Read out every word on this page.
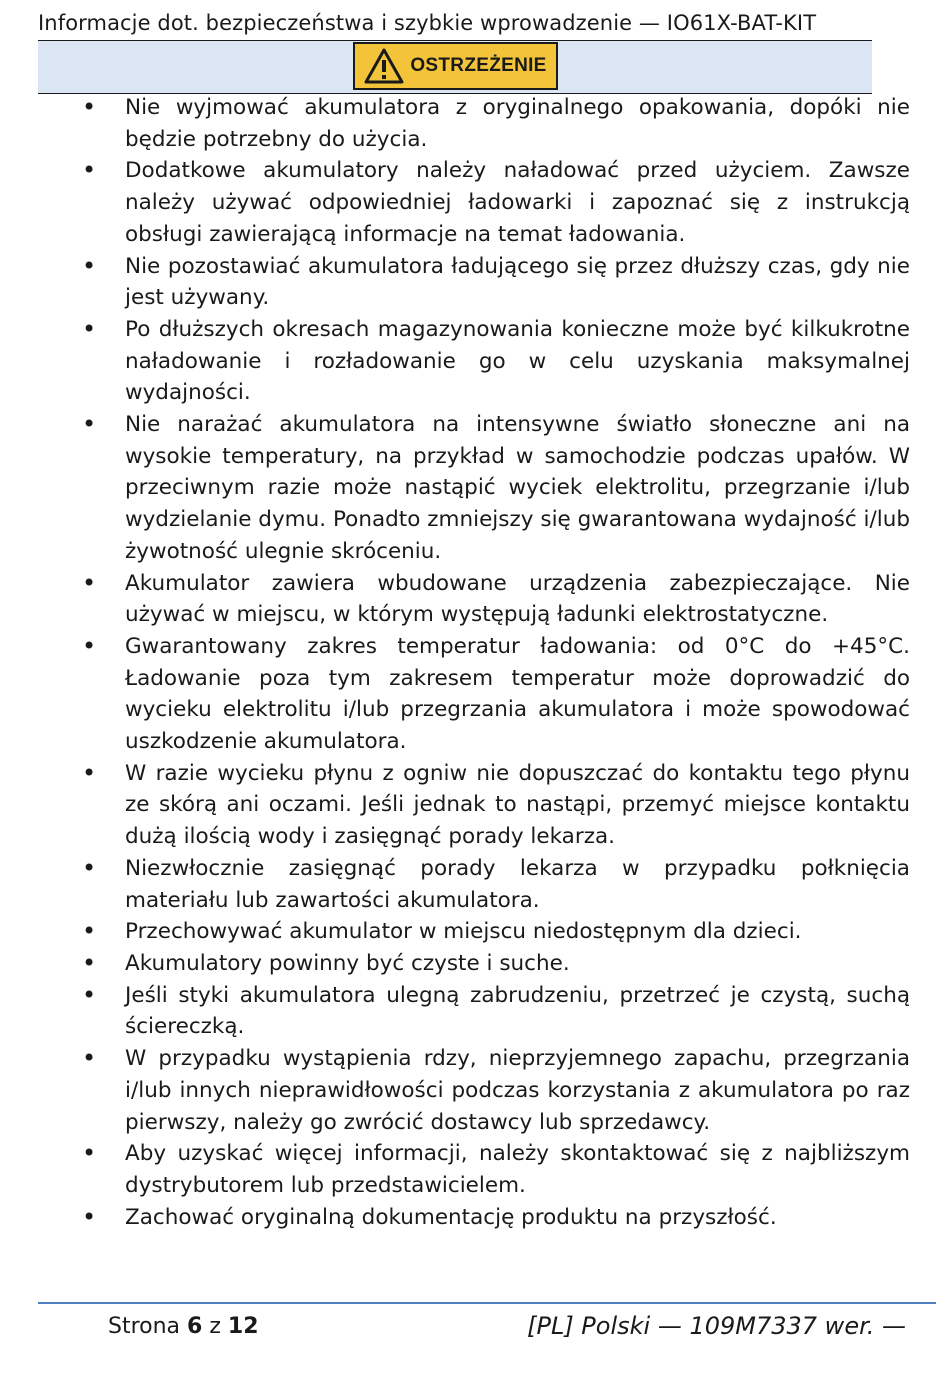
Informacje dot. bezpieczeństwa i szybkie wprowadzenie — IO61X-BAT-KIT
OSTRZEŻENIE
• Nie wyjmować akumulatora z oryginalnego opakowania, dopóki nie będzie potrzebny do użycia.
• Dodatkowe akumulatory należy naładować przed użyciem. Zawsze należy używać odpowiedniej ładowarki i zapoznać się z instrukcją obsługi zawierającą informacje na temat ładowania.
• Nie pozostawiać akumulatora ładującego się przez dłuższy czas, gdy nie jest używany.
• Po dłuższych okresach magazynowania konieczne może być kilkukrotne naładowanie i rozładowanie go w celu uzyskania maksymalnej wydajności.
• Nie narażać akumulatora na intensywne światło słoneczne ani na wysokie temperatury, na przykład w samochodzie podczas upałów. W przeciwnym razie może nastąpić wyciek elektrolitu, przegrzanie i/lub wydzielanie dymu. Ponadto zmniejszy się gwarantowana wydajność i/lub żywotność ulegnie skróceniu.
• Akumulator zawiera wbudowane urządzenia zabezpieczające. Nie używać w miejscu, w którym występują ładunki elektrostatyczne.
• Gwarantowany zakres temperatur ładowania: od 0°C do +45°C. Ładowanie poza tym zakresem temperatur może doprowadzić do wycieku elektrolitu i/lub przegrzania akumulatora i może spowodować uszkodzenie akumulatora.
• W razie wycieku płynu z ogniw nie dopuszczać do kontaktu tego płynu ze skórą ani oczami. Jeśli jednak to nastąpi, przemyć miejsce kontaktu dużą ilością wody i zasięgnąć porady lekarza.
• Niezwłocznie zasięgnąć porady lekarza w przypadku połknięcia materiału lub zawartości akumulatora.
• Przechowywać akumulator w miejscu niedostępnym dla dzieci.
• Akumulatory powinny być czyste i suche.
• Jeśli styki akumulatora ulegną zabrudzeniu, przetrzeć je czystą, suchą ściereczką.
• W przypadku wystąpienia rdzy, nieprzyjemnego zapachu, przegrzania i/lub innych nieprawidłowości podczas korzystania z akumulatora po raz pierwszy, należy go zwrócić dostawcy lub sprzedawcy.
• Aby uzyskać więcej informacji, należy skontaktować się z najbliższym dystrybutorem lub przedstawicielem.
• Zachować oryginalną dokumentację produktu na przyszłość.
Strona 6 z 12	[PL] Polski — 109M7337 wer. —
